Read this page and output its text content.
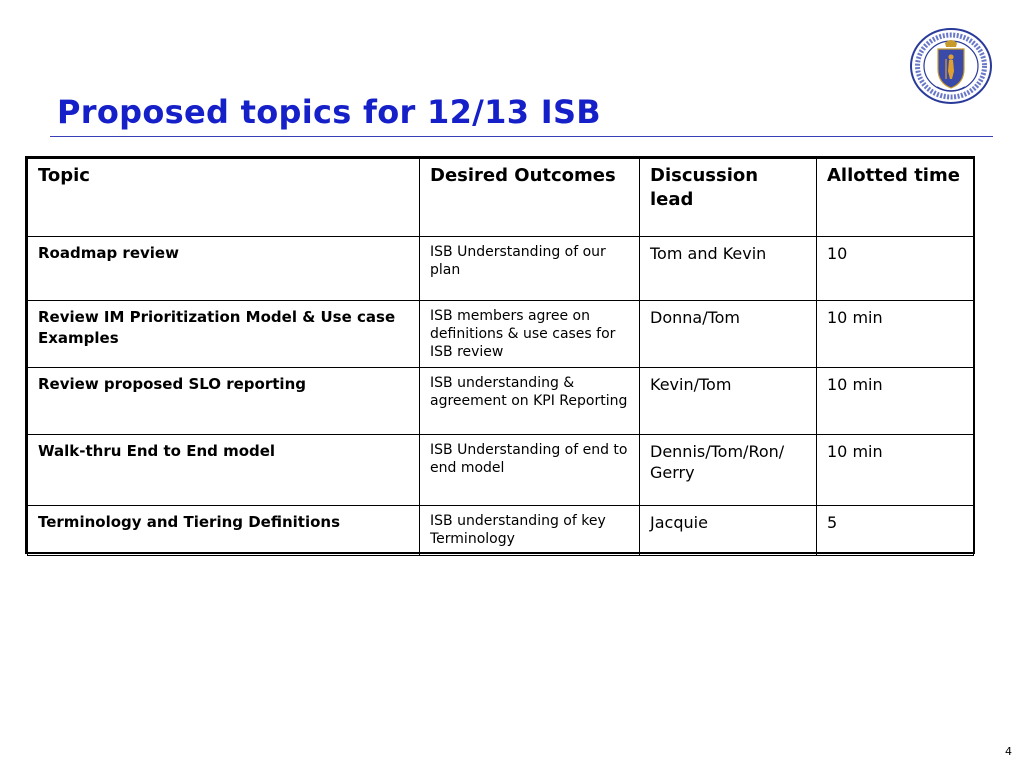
Proposed topics for 12/13 ISB
Topic	Desired Outcomes	Discussion lead	Allotted time
Roadmap review	ISB Understanding of our plan	Tom and Kevin	10
Review IM Prioritization Model & Use case Examples	ISB members agree on definitions & use cases for ISB review	Donna/Tom	10 min
Review proposed SLO reporting	ISB understanding & agreement on KPI Reporting	Kevin/Tom	10 min
Walk-thru End to End model	ISB Understanding of end to end model	Dennis/Tom/Ron/ Gerry	10 min
Terminology and Tiering Definitions	ISB understanding of key Terminology	Jacquie	5
4
